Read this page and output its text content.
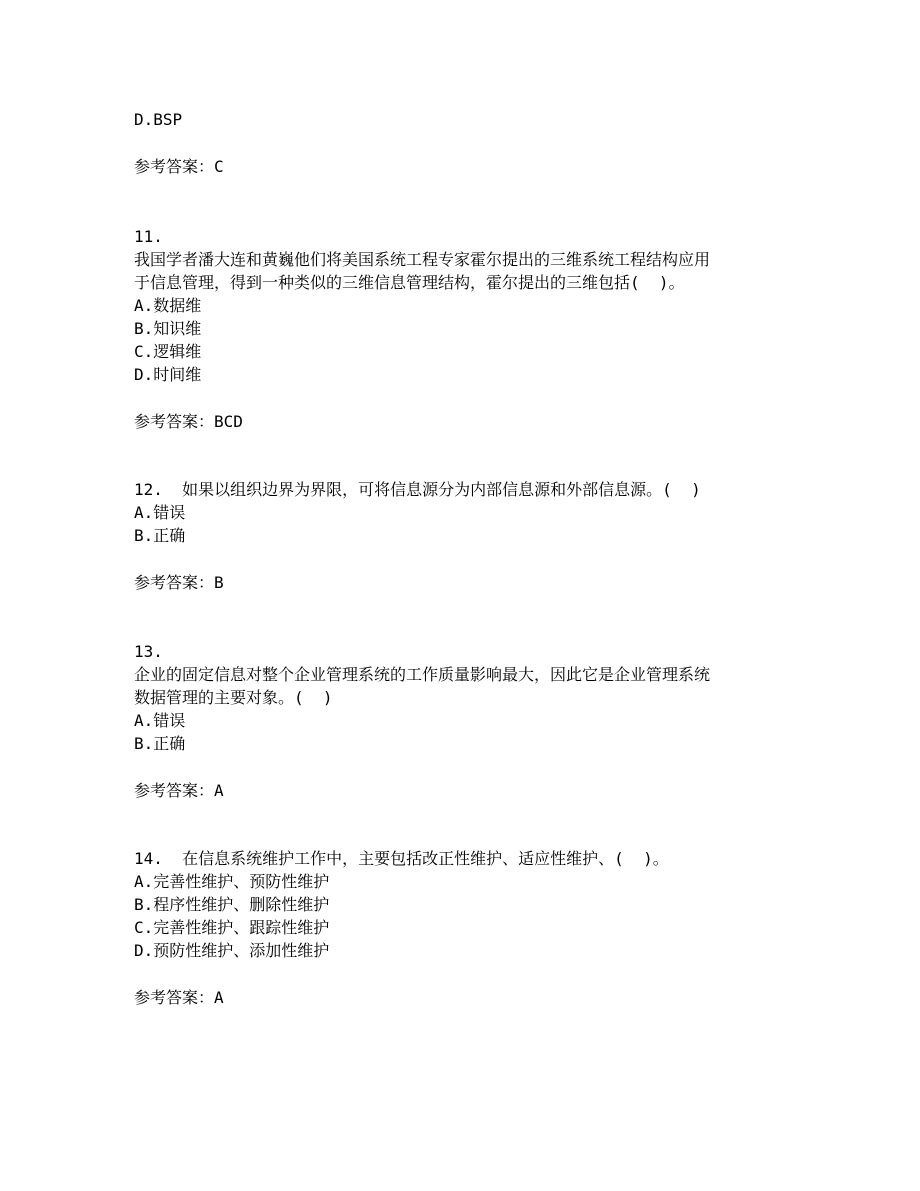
D.BSP
参考答案：C
11.
我国学者潘大连和黄巍他们将美国系统工程专家霍尔提出的三维系统工程结构应用
于信息管理，得到一种类似的三维信息管理结构，霍尔提出的三维包括(  )。
A.数据维
B.知识维
C.逻辑维
D.时间维
参考答案：BCD
12.  如果以组织边界为界限，可将信息源分为内部信息源和外部信息源。(  )
A.错误
B.正确
参考答案：B
13.
企业的固定信息对整个企业管理系统的工作质量影响最大，因此它是企业管理系统
数据管理的主要对象。(  )
A.错误
B.正确
参考答案：A
14.  在信息系统维护工作中，主要包括改正性维护、适应性维护、(  )。
A.完善性维护、预防性维护
B.程序性维护、删除性维护
C.完善性维护、跟踪性维护
D.预防性维护、添加性维护
参考答案：A
